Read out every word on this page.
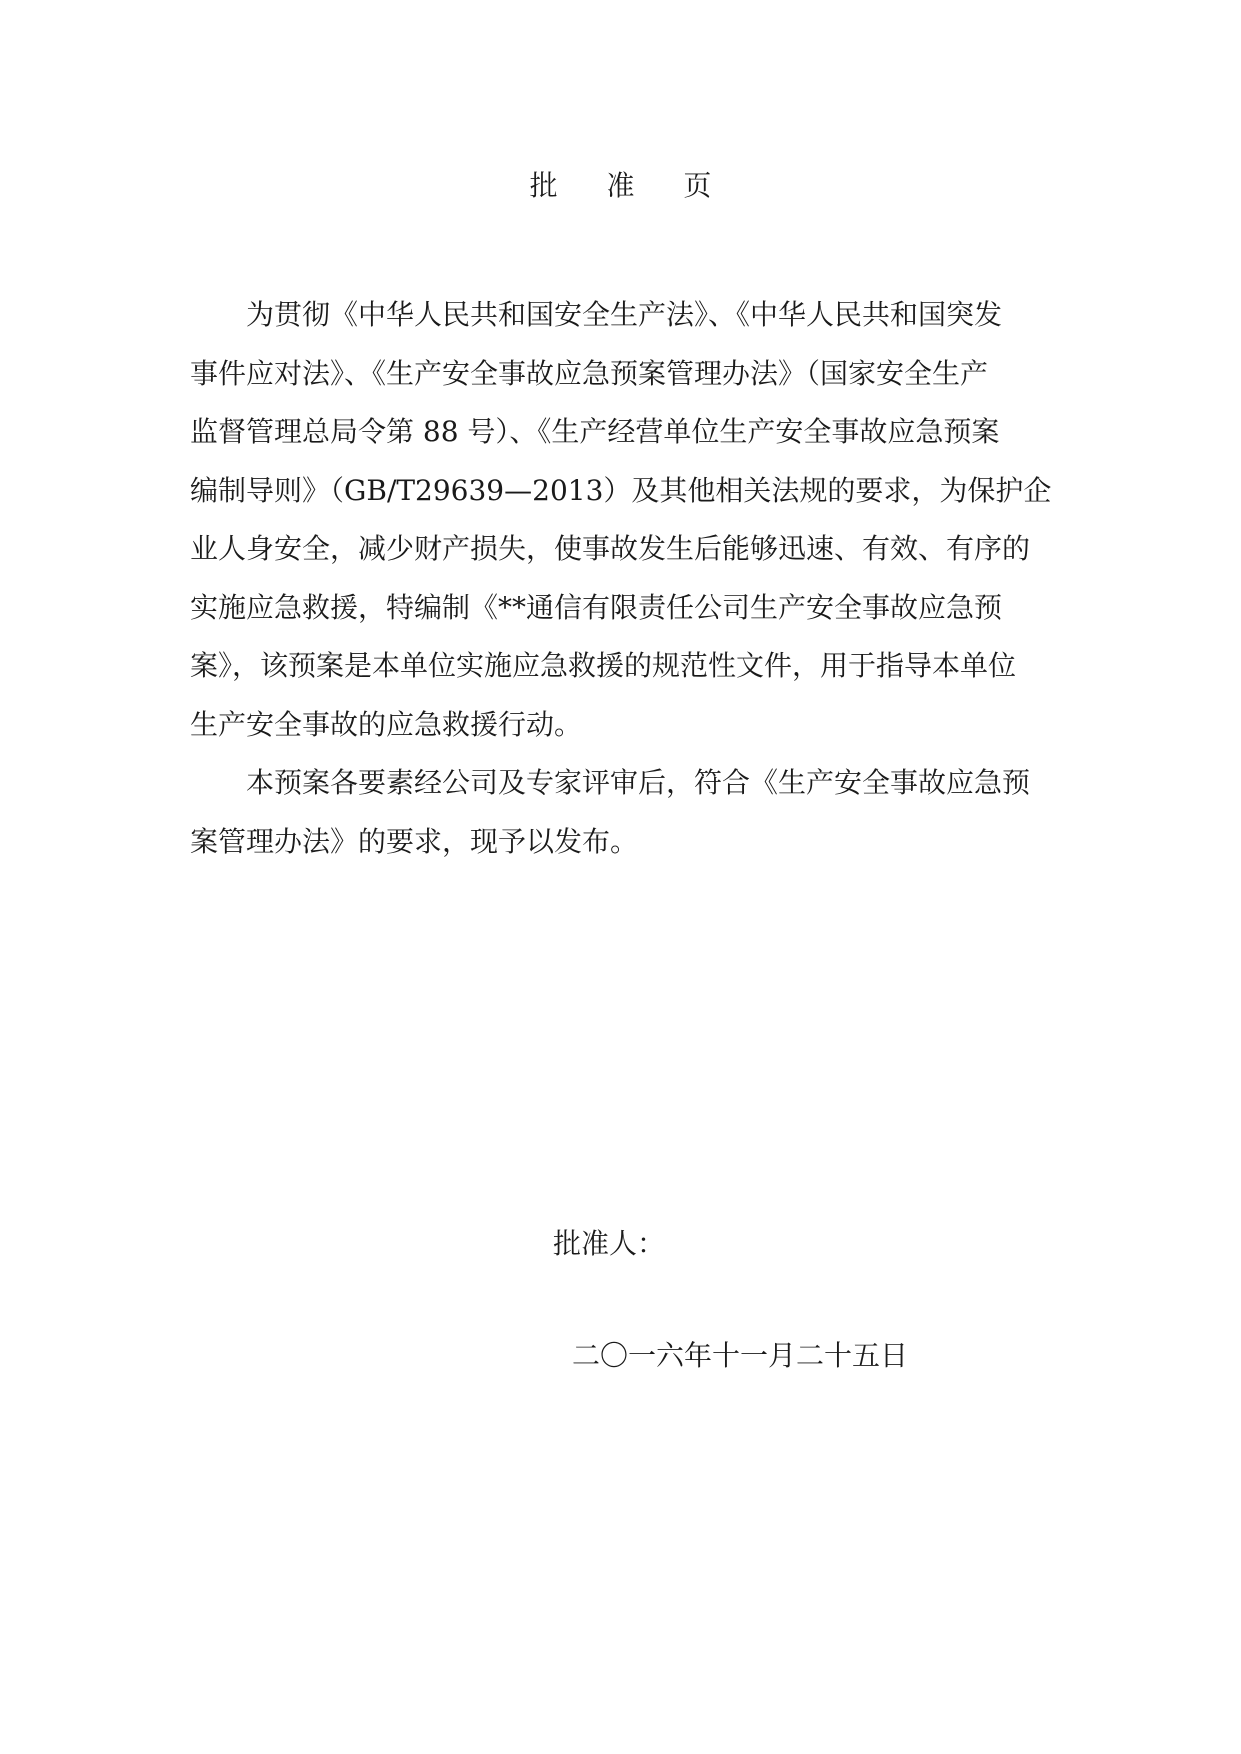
批 准 页
为贯彻《中华人民共和国安全生产法》、《中华人民共和国突发
事件应对法》、《生产安全事故应急预案管理办法》（国家安全生产
监督管理总局令第 88 号）、《生产经营单位生产安全事故应急预案
编制导则》（GB/T29639—2013）及其他相关法规的要求，为保护企
业人身安全，减少财产损失，使事故发生后能够迅速、有效、有序的
实施应急救援，特编制《**通信有限责任公司生产安全事故应急预
案》，该预案是本单位实施应急救援的规范性文件，用于指导本单位
生产安全事故的应急救援行动。
本预案各要素经公司及专家评审后，符合《生产安全事故应急预
案管理办法》的要求，现予以发布。
批准人：
二〇一六年十一月二十五日
